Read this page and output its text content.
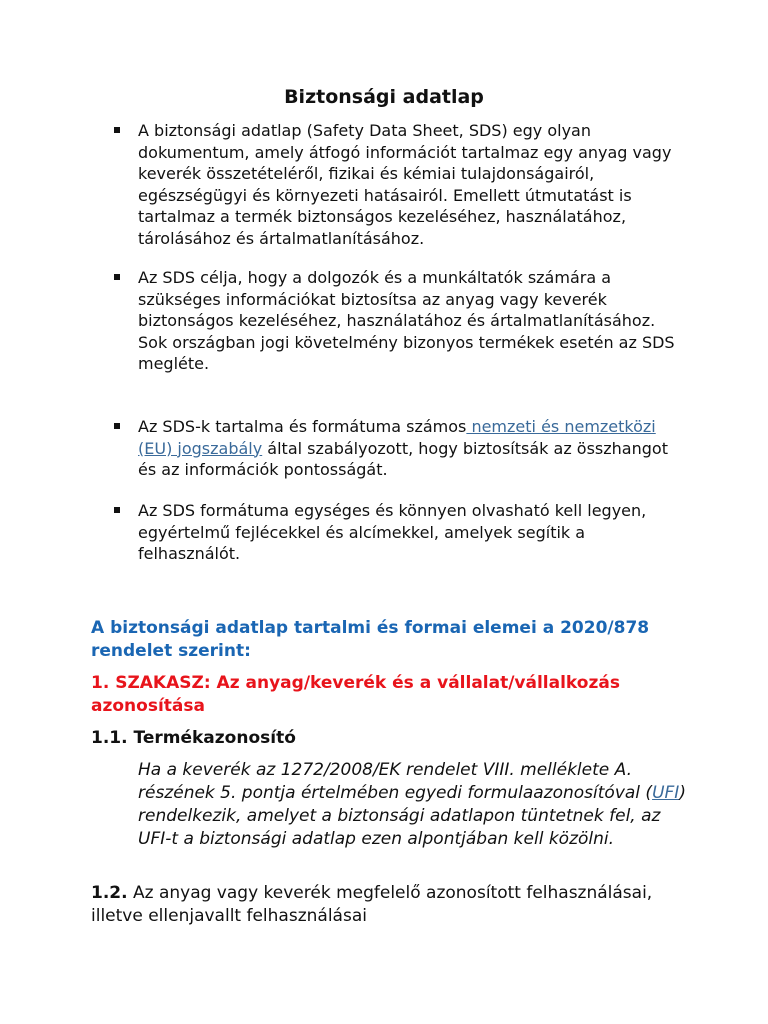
Biztonsági adatlap
A biztonsági adatlap (Safety Data Sheet, SDS) egy olyan dokumentum, amely átfogó információt tartalmaz egy anyag vagy keverék összetételéről, fizikai és kémiai tulajdonságairól, egészségügyi és környezeti hatásairól. Emellett útmutatást is tartalmaz a termék biztonságos kezeléséhez, használatához, tárolásához és ártalmatlanításához.
Az SDS célja, hogy a dolgozók és a munkáltatók számára a szükséges információkat biztosítsa az anyag vagy keverék biztonságos kezeléséhez, használatához és ártalmatlanításához. Sok országban jogi követelmény bizonyos termékek esetén az SDS megléte.
Az SDS-k tartalma és formátuma számos nemzeti és nemzetközi (EU) jogszabály által szabályozott, hogy biztosítsák az összhangot és az információk pontosságát.
Az SDS formátuma egységes és könnyen olvasható kell legyen, egyértelmű fejlécekkel és alcímekkel, amelyek segítik a felhasználót.
A biztonsági adatlap tartalmi és formai elemei a 2020/878 rendelet szerint:
1. SZAKASZ: Az anyag/keverék és a vállalat/vállalkozás azonosítása
1.1. Termékazonosító
Ha a keverék az 1272/2008/EK rendelet VIII. melléklete A. részének 5. pontja értelmében egyedi formulaazonosítóval (UFI) rendelkezik, amelyet a biztonsági adatlapon tüntetnek fel, az UFI-t a biztonsági adatlap ezen alpontjában kell közölni.
1.2. Az anyag vagy keverék megfelelő azonosított felhasználásai, illetve ellenjavallt felhasználásai
